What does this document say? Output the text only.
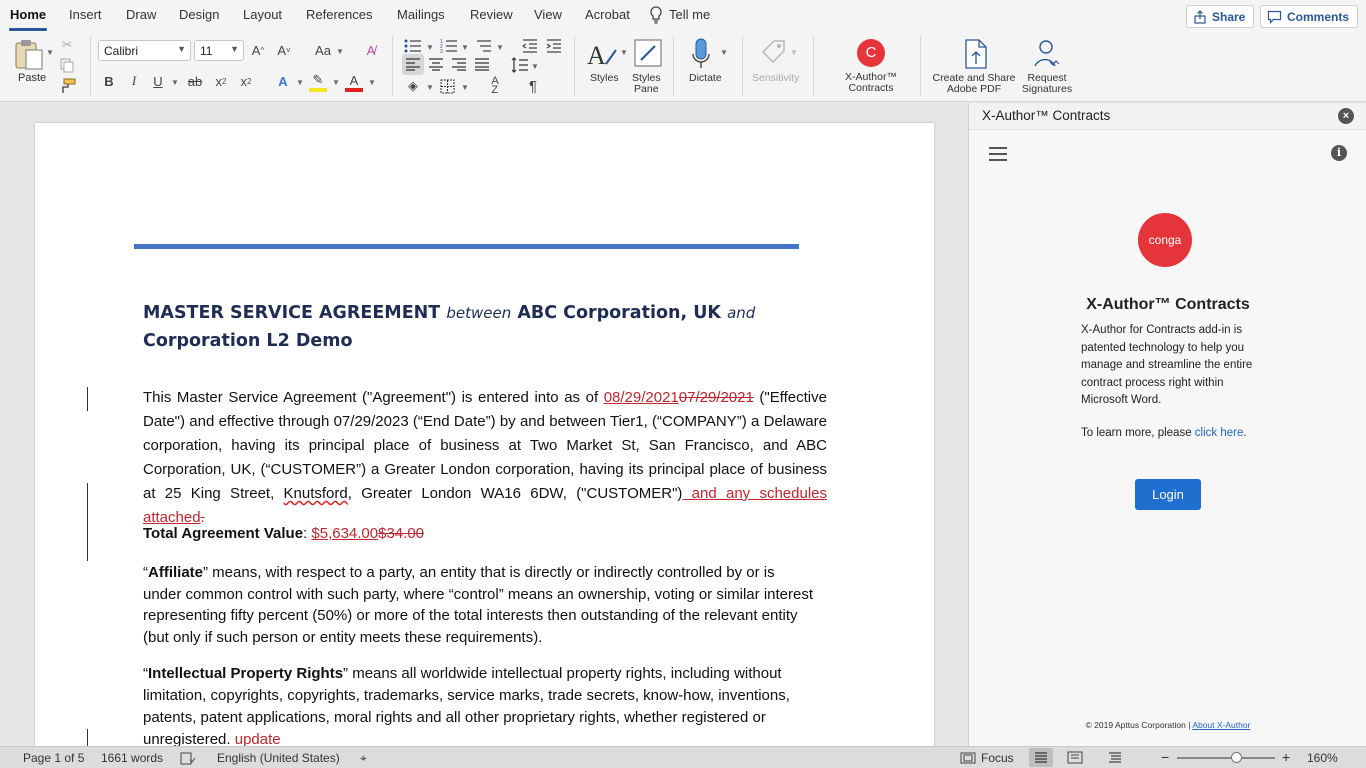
Home Insert Draw Design Layout References Mailings Review View Acrobat	Tell me	Share	Comments
▼
Paste
✂	Calibri	▼ 11 ▼ A ^ A ˅ Aa ▼	A̸
B	I	U	▼ ab x 2 x 2	A	▼ ✎	▼ A	▼
▼
1
2
3 ▼	▼
▼
◈	▼	▼
A
Z	¶
A ▼
Styles Styles
Pane
▼
Dictate
▼
Sensitivity
C
X-Author™
Contracts
Create and Share
Adobe PDF
Request
Signatures
MASTER SERVICE AGREEMENT between ABC Corporation, UK and
Corporation L2 Demo
This Master Service Agreement ("Agreement") is entered into as of 08/29/202107/29/2021 ("Effective Date") and effective through 07/29/2023 (“End Date”) by and between Tier1, (“COMPANY”) a Delaware corporation, having its principal place of business at Two Market St, San Francisco, and ABC Corporation, UK, (“CUSTOMER”) a Greater London corporation, having its principal place of business at 25 King Street, Knutsford, Greater London WA16 6DW, ("CUSTOMER") and any schedules attached.
Total Agreement Value: $5,634.00$34.00
“Affiliate” means, with respect to a party, an entity that is directly or indirectly controlled by or is under common control with such party, where “control” means an ownership, voting or similar interest representing fifty percent (50%) or more of the total interests then outstanding of the relevant entity (but only if such person or entity meets these requirements).
“Intellectual Property Rights” means all worldwide intellectual property rights, including without limitation, copyrights, copyrights, trademarks, service marks, trade secrets, know-how, inventions, patents, patent applications, moral rights and all other proprietary rights, whether registered or unregistered. update
X-Author™ Contracts	×
i
conga
X-Author™ Contracts
X-Author for Contracts add-in is patented technology to help you manage and streamline the entire contract process right within Microsoft Word.
To learn more, please click here.
Login
© 2019 Apttus Corporation | About X-Author
Page 1 of 5 1661 words	English (United States) ⌖	Focus	−	+ 160%
